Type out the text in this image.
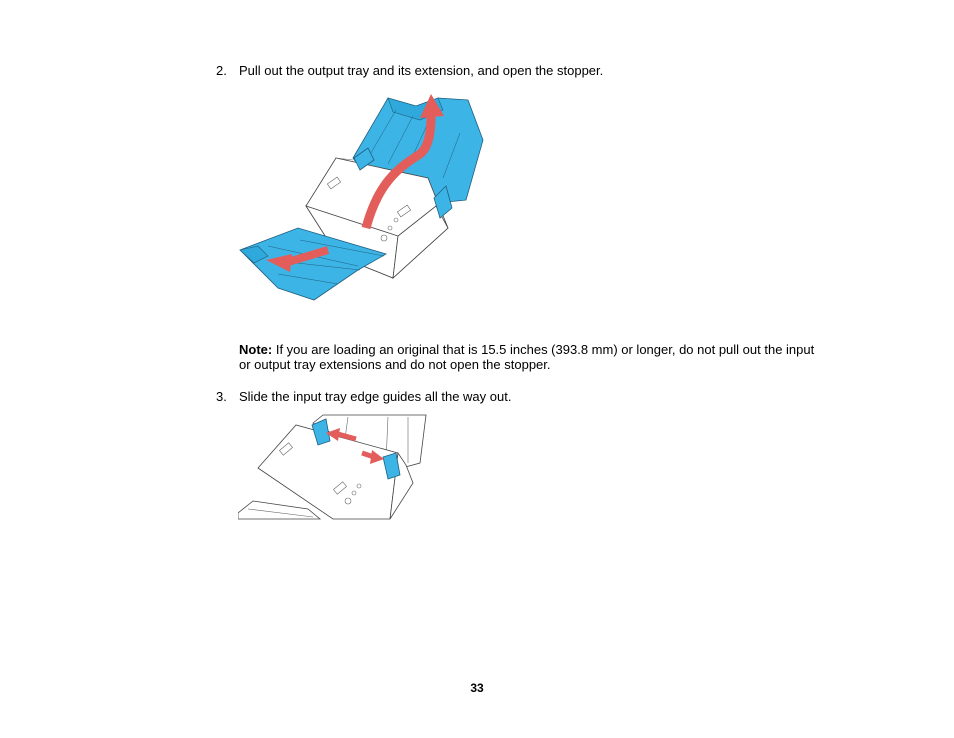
2. Pull out the output tray and its extension, and open the stopper.
Note: If you are loading an original that is 15.5 inches (393.8 mm) or longer, do not pull out the input
or output tray extensions and do not open the stopper.
3. Slide the input tray edge guides all the way out.
33
